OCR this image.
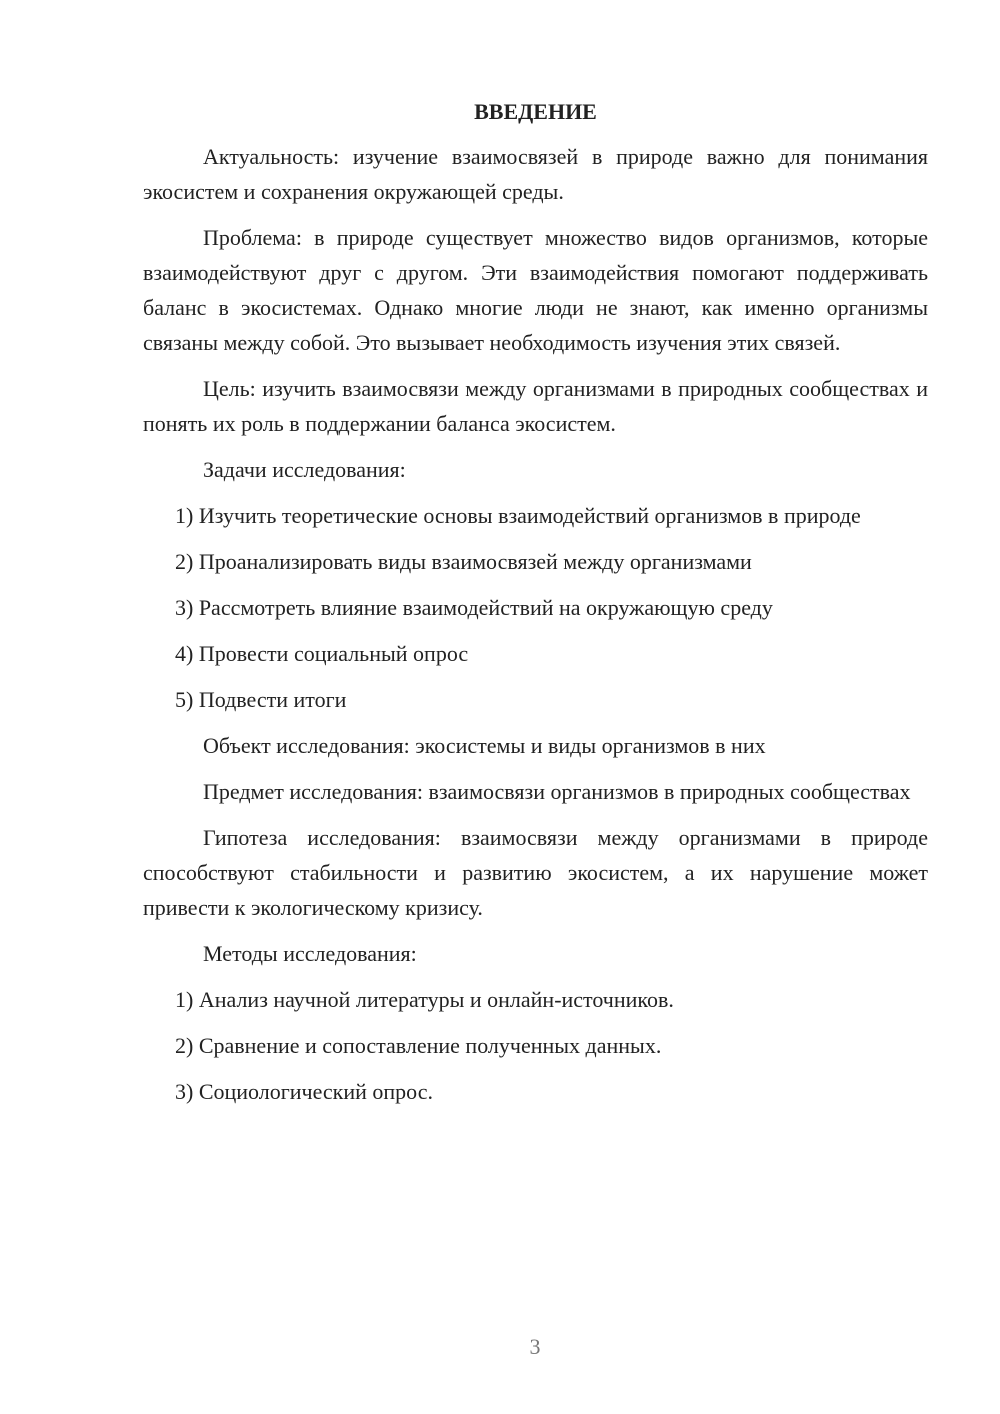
ВВЕДЕНИЕ

Актуальность: изучение взаимосвязей в природе важно для понимания экосистем и сохранения окружающей среды.

Проблема: в природе существует множество видов организмов, которые взаимодействуют друг с другом. Эти взаимодействия помогают поддерживать баланс в экосистемах. Однако многие люди не знают, как именно организмы связаны между собой. Это вызывает необходимость изучения этих связей.

Цель: изучить взаимосвязи между организмами в природных сообществах и понять их роль в поддержании баланса экосистем.

Задачи исследования:

1) Изучить теоретические основы взаимодействий организмов в природе

2) Проанализировать виды взаимосвязей между организмами

3) Рассмотреть влияние взаимодействий на окружающую среду

4) Провести социальный опрос

5) Подвести итоги

Объект исследования: экосистемы и виды организмов в них

Предмет исследования: взаимосвязи организмов в природных сообществах

Гипотеза исследования: взаимосвязи между организмами в природе способствуют стабильности и развитию экосистем, а их нарушение может привести к экологическому кризису.

Методы исследования:

1) Анализ научной литературы и онлайн-источников.

2) Сравнение и сопоставление полученных данных.

3) Социологический опрос.

3
